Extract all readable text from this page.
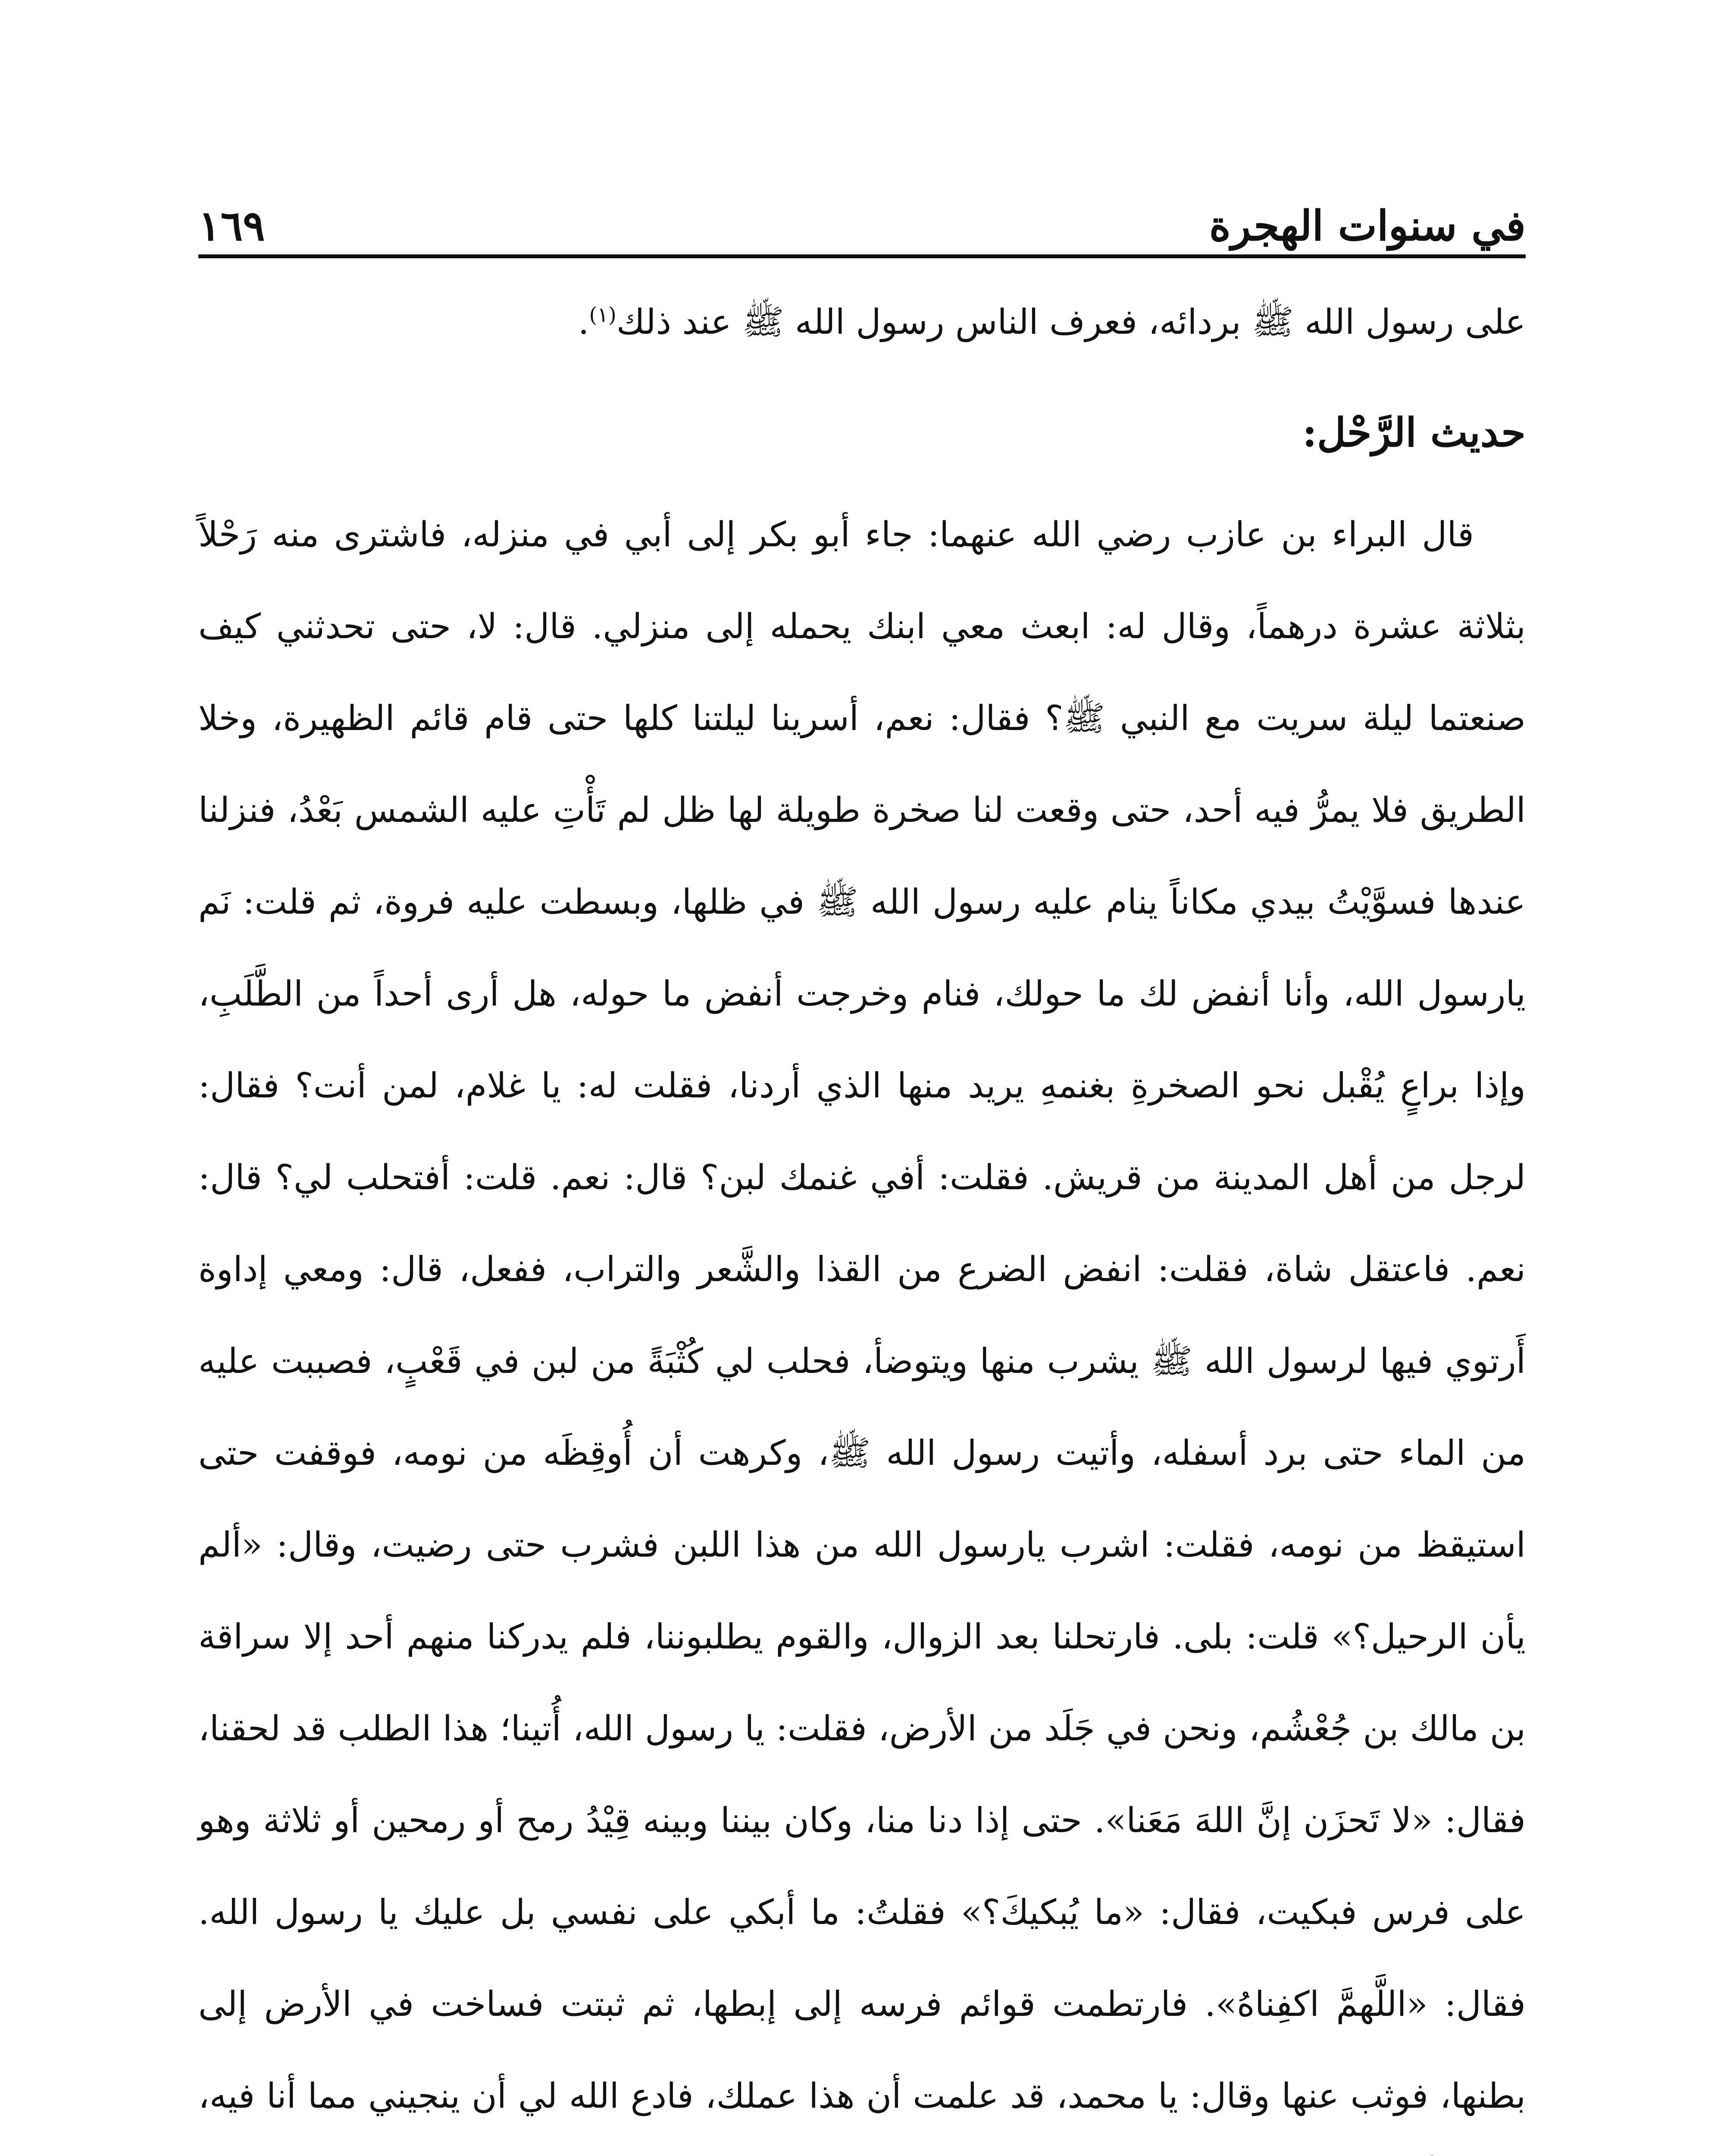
في سنوات الهجرة
١٦٩

على رسول الله ﷺ بردائه، فعرف الناس رسول الله ﷺ عند ذلك$^{(١)}$.

حديث الرَّحْل:

قال البراء بن عازب رضي الله عنهما: جاء أبو بكر إلى أبي في منزله، فاشترى منه رَحْلاً بثلاثة عشرة درهماً، وقال له: ابعث معي ابنك يحمله إلى منزلي. قال: لا، حتى تحدثني كيف صنعتما ليلة سريت مع النبي ﷺ؟ فقال: نعم، أسرينا ليلتنا كلها حتى قام قائم الظهيرة، وخلا الطريق فلا يمرُّ فيه أحد، حتى وقعت لنا صخرة طويلة لها ظل لم تَأْتِ عليه الشمس بَعْدُ، فنزلنا عندها فسوَّيْتُ بيدي مكاناً ينام عليه رسول الله ﷺ في ظلها، وبسطت عليه فروة، ثم قلت: نَم يارسول الله، وأنا أنفض لك ما حولك، فنام وخرجت أنفض ما حوله، هل أرى أحداً من الطَّلَبِ، وإذا براعٍ يُقْبل نحو الصخرةِ بغنمهِ يريد منها الذي أردنا، فقلت له: يا غلام، لمن أنت؟ فقال: لرجل من أهل المدينة من قريش. فقلت: أفي غنمك لبن؟ قال: نعم. قلت: أفتحلب لي؟ قال: نعم. فاعتقل شاة، فقلت: انفض الضرع من القذا والشَّعر والتراب، ففعل، قال: ومعي إداوة أَرتوي فيها لرسول الله ﷺ يشرب منها ويتوضأ، فحلب لي كُثْبَةً من لبن في قَعْبٍ، فصببت عليه من الماء حتى برد أسفله، وأتيت رسول الله ﷺ، وكرهت أن أُوقِظَه من نومه، فوقفت حتى استيقظ من نومه، فقلت: اشرب يارسول الله من هذا اللبن فشرب حتى رضيت، وقال: «ألم يأن الرحيل؟» قلت: بلى. فارتحلنا بعد الزوال، والقوم يطلبوننا، فلم يدركنا منهم أحد إلا سراقة بن مالك بن جُعْشُم، ونحن في جَلَد من الأرض، فقلت: يا رسول الله، أُتينا؛ هذا الطلب قد لحقنا، فقال: «لا تَحزَن إنَّ اللهَ مَعَنا». حتى إذا دنا منا، وكان بيننا وبينه قِيْدُ رمح أو رمحين أو ثلاثة وهو على فرس فبكيت، فقال: «ما يُبكيكَ؟» فقلتُ: ما أبكي على نفسي بل عليك يا رسول الله. فقال: «اللَّهمَّ اكفِناهُ». فارتطمت قوائم فرسه إلى إبطها، ثم ثبتت فساخت في الأرض إلى بطنها، فوثب عنها وقال: يا محمد، قد علمت أن هذا عملك، فادع الله لي أن ينجيني مما أنا فيه،
